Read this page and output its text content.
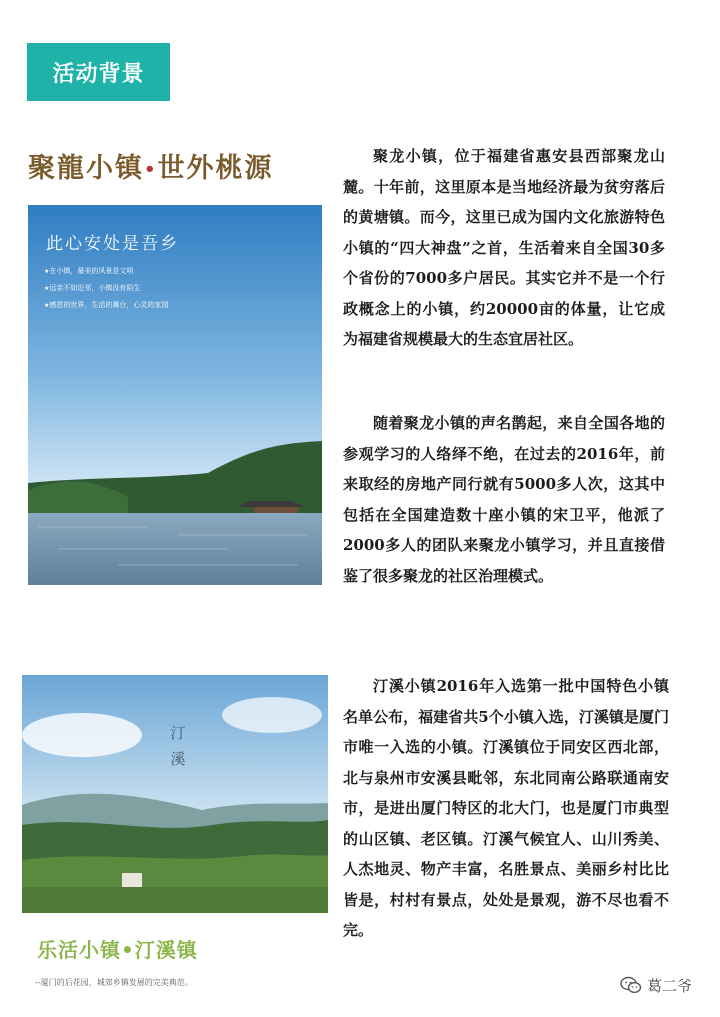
活动背景
聚龍小镇•世外桃源
此心安处是吾乡
★ 在小镇，最美的风景是文明
★ 远亲不如近邻，小镇没有陌生
★ 感恩的世界，生活的舞台，心灵的家园

聚龙小镇，位于福建省惠安县西部聚龙山麓。十年前，这里原本是当地经济最为贫穷落后的黄塘镇。而今，这里已成为国内文化旅游特色小镇的“四大神盘”之首，生活着来自全国30多个省份的7000多户居民。其实它并不是一个行政概念上的小镇，约20000亩的体量，让它成为福建省规模最大的生态宜居社区。

随着聚龙小镇的声名鹊起，来自全国各地的参观学习的人络绎不绝，在过去的2016年，前来取经的房地产同行就有5000多人次，这其中包括在全国建造数十座小镇的宋卫平，他派了2000多人的团队来聚龙小镇学习，并且直接借鉴了很多聚龙的社区治理模式。

汀溪

汀溪小镇2016年入选第一批中国特色小镇名单公布，福建省共5个小镇入选，汀溪镇是厦门市唯一入选的小镇。汀溪镇位于同安区西北部，北与泉州市安溪县毗邻，东北同南公路联通南安市，是进出厦门特区的北大门，也是厦门市典型的山区镇、老区镇。汀溪气候宜人、山川秀美、人杰地灵、物产丰富，名胜景点、美丽乡村比比皆是，村村有景点，处处是景观，游不尽也看不完。

乐活小镇•汀溪镇
--厦门的后花园，城郊乡镇发展的完美典范。	葛二爷
